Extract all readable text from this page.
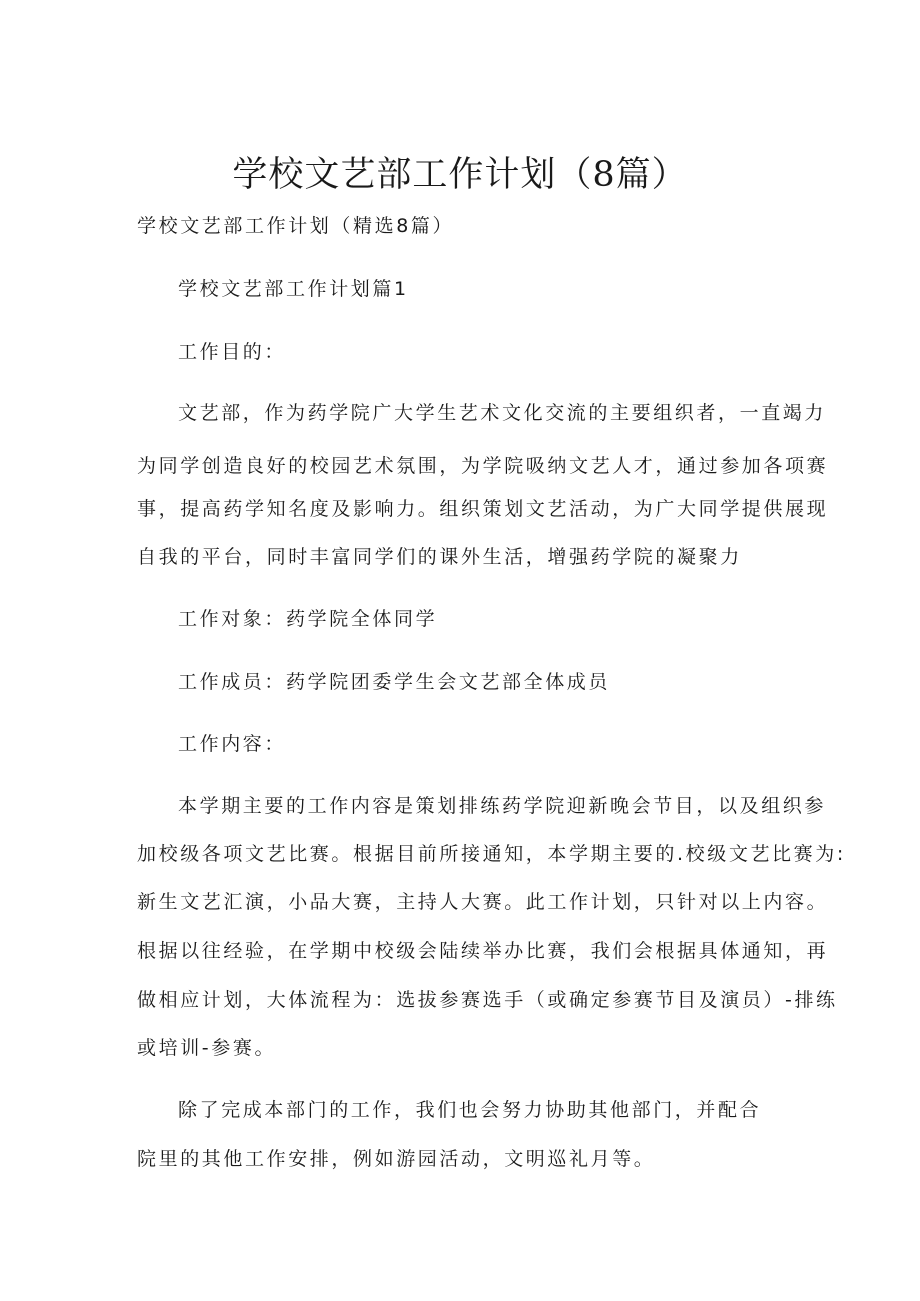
学校文艺部工作计划（8篇）
学校文艺部工作计划（精选8篇）
学校文艺部工作计划篇1
工作目的：
文艺部，作为药学院广大学生艺术文化交流的主要组织者，一直竭力
为同学创造良好的校园艺术氛围，为学院吸纳文艺人才，通过参加各项赛
事，提高药学知名度及影响力。组织策划文艺活动，为广大同学提供展现
自我的平台，同时丰富同学们的课外生活，增强药学院的凝聚力
工作对象：药学院全体同学
工作成员：药学院团委学生会文艺部全体成员
工作内容：
本学期主要的工作内容是策划排练药学院迎新晚会节目，以及组织参
加校级各项文艺比赛。根据目前所接通知，本学期主要的.校级文艺比赛为:
新生文艺汇演，小品大赛，主持人大赛。此工作计划，只针对以上内容。
根据以往经验，在学期中校级会陆续举办比赛，我们会根据具体通知，再
做相应计划，大体流程为：选拔参赛选手（或确定参赛节目及演员）-排练
或培训-参赛。
除了完成本部门的工作，我们也会努力协助其他部门，并配合
院里的其他工作安排，例如游园活动，文明巡礼月等。
